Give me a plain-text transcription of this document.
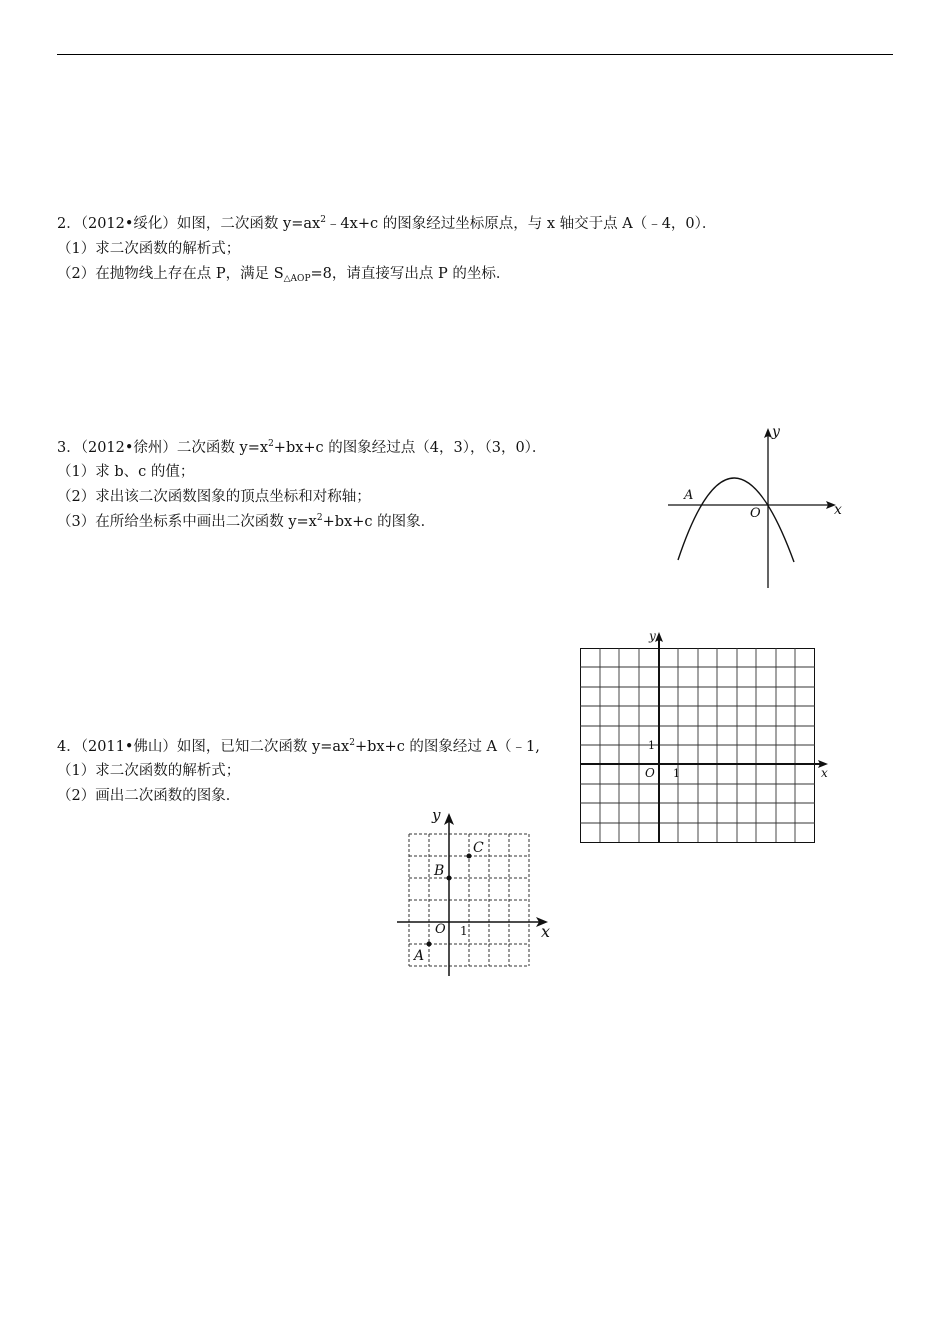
2．（2012•绥化）如图，二次函数 $y=ax^2﹣4x+c$ 的图象经过坐标原点，与 x 轴交于点 A（﹣4，0）．
（1）求二次函数的解析式；
（2）在抛物线上存在点 P，满足 $S_{\triangle AOP}=8$，请直接写出点 P 的坐标．
3．（2012•徐州）二次函数 $y=x^2+bx+c$ 的图象经过点（4，3），（3，0）．
（1）求 b、c 的值；
（2）求出该二次函数图象的顶点坐标和对称轴；
（3）在所给坐标系中画出二次函数 $y=x^2+bx+c$ 的图象．
4．（2011•佛山）如图，已知二次函数 $y=ax^2+bx+c$ 的图象经过 A（﹣1,
（1）求二次函数的解析式；
（2）画出二次函数的图象．
y
x
A
O
y
x
O 1
1
y
x
O 1
A
B
C
